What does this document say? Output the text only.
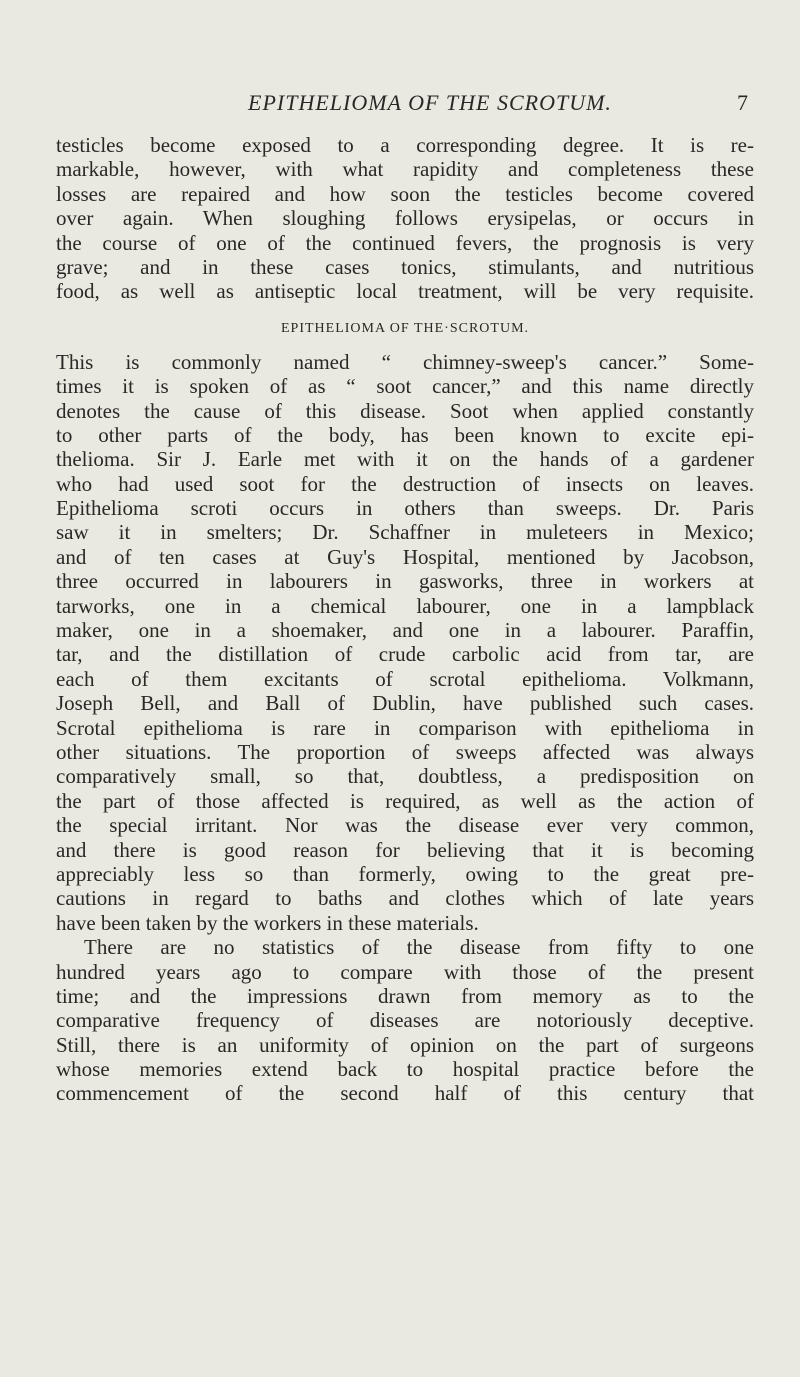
EPITHELIOMA OF THE SCROTUM.	7
testicles become exposed to a corresponding degree. It is re-
markable, however, with what rapidity and completeness these
losses are repaired and how soon the testicles become covered
over again. When sloughing follows erysipelas, or occurs in
the course of one of the continued fevers, the prognosis is very
grave; and in these cases tonics, stimulants, and nutritious
food, as well as antiseptic local treatment, will be very requisite.
EPITHELIOMA OF THE·SCROTUM.
This is commonly named “ chimney-sweep's cancer.” Some-
times it is spoken of as “ soot cancer,” and this name directly
denotes the cause of this disease. Soot when applied constantly
to other parts of the body, has been known to excite epi-
thelioma. Sir J. Earle met with it on the hands of a gardener
who had used soot for the destruction of insects on leaves.
Epithelioma scroti occurs in others than sweeps. Dr. Paris
saw it in smelters; Dr. Schaffner in muleteers in Mexico;
and of ten cases at Guy's Hospital, mentioned by Jacobson,
three occurred in labourers in gasworks, three in workers at
tarworks, one in a chemical labourer, one in a lampblack
maker, one in a shoemaker, and one in a labourer. Paraffin,
tar, and the distillation of crude carbolic acid from tar, are
each of them excitants of scrotal epithelioma. Volkmann,
Joseph Bell, and Ball of Dublin, have published such cases.
Scrotal epithelioma is rare in comparison with epithelioma in
other situations. The proportion of sweeps affected was always
comparatively small, so that, doubtless, a predisposition on
the part of those affected is required, as well as the action of
the special irritant. Nor was the disease ever very common,
and there is good reason for believing that it is becoming
appreciably less so than formerly, owing to the great pre-
cautions in regard to baths and clothes which of late years
have been taken by the workers in these materials.
There are no statistics of the disease from fifty to one
hundred years ago to compare with those of the present
time; and the impressions drawn from memory as to the
comparative frequency of diseases are notoriously deceptive.
Still, there is an uniformity of opinion on the part of surgeons
whose memories extend back to hospital practice before the
commencement of the second half of this century that
